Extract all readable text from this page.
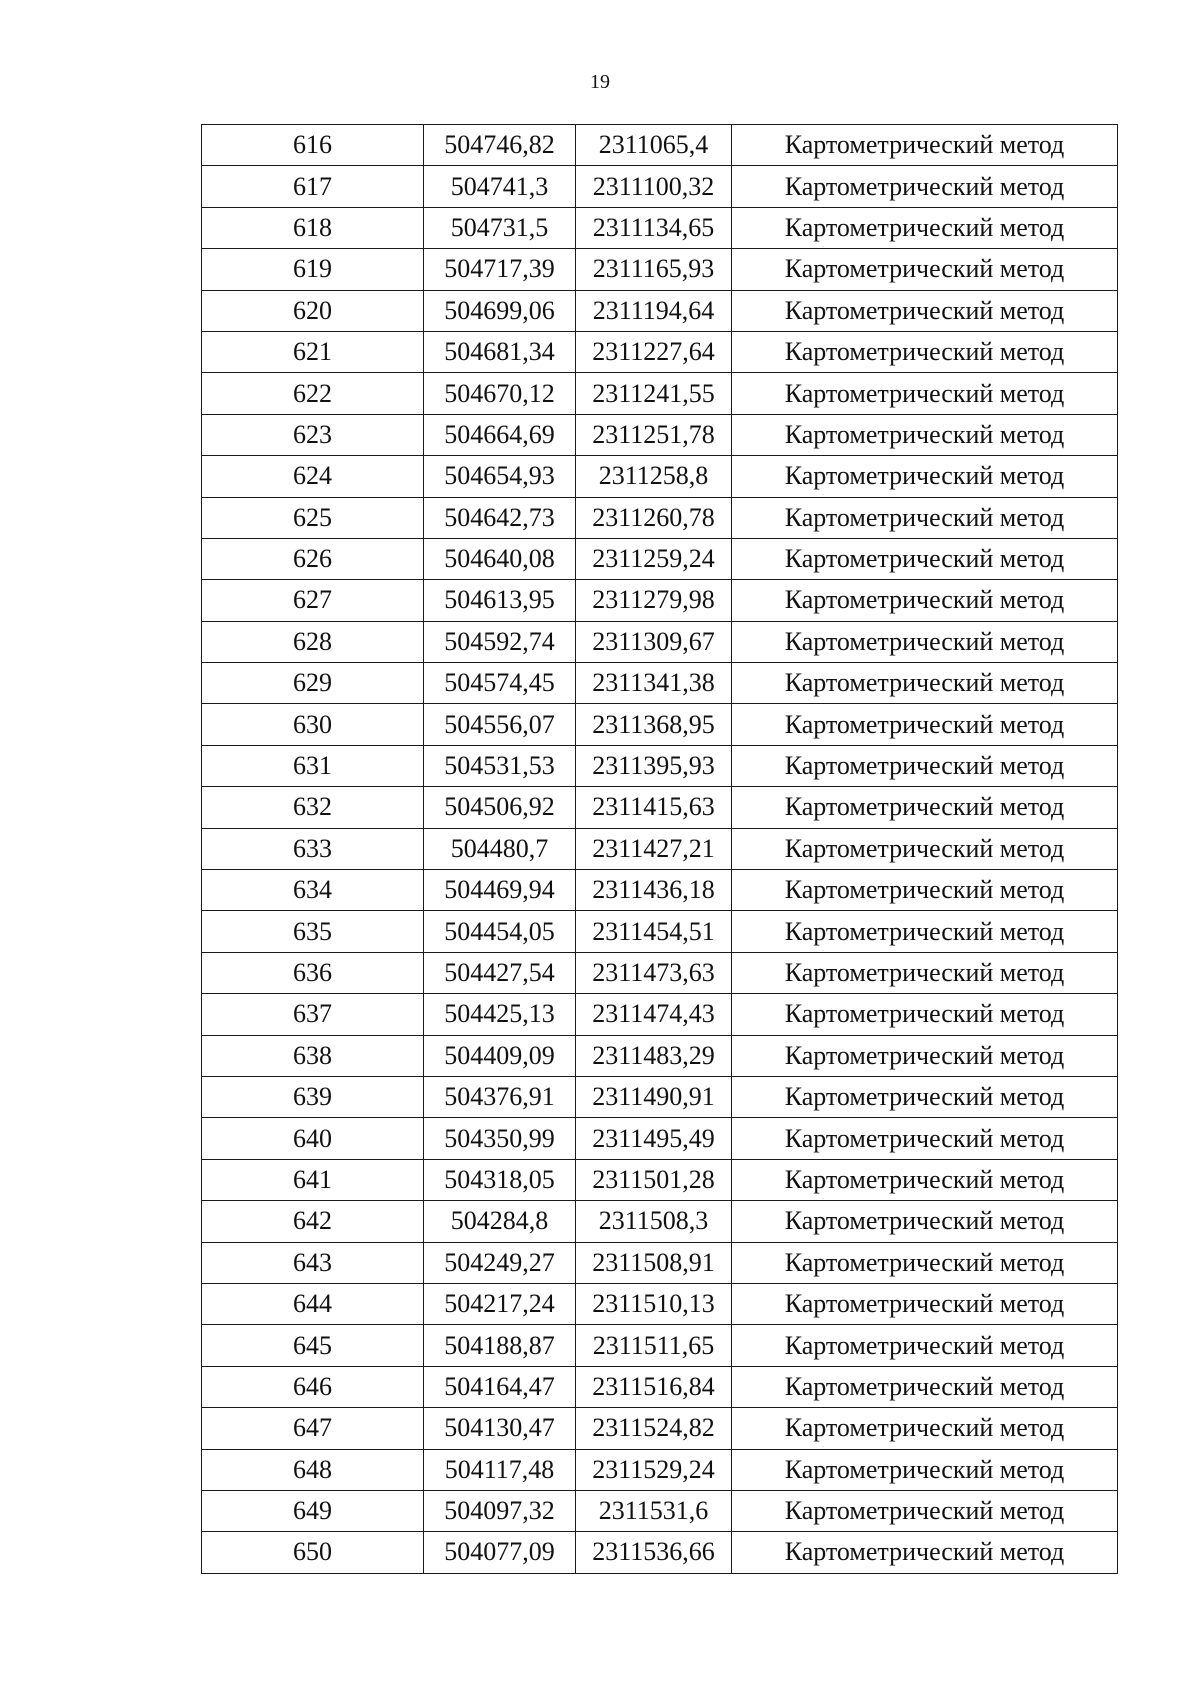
19
616	504746,82	2311065,4	Картометрический метод
617	504741,3	2311100,32	Картометрический метод
618	504731,5	2311134,65	Картометрический метод
619	504717,39	2311165,93	Картометрический метод
620	504699,06	2311194,64	Картометрический метод
621	504681,34	2311227,64	Картометрический метод
622	504670,12	2311241,55	Картометрический метод
623	504664,69	2311251,78	Картометрический метод
624	504654,93	2311258,8	Картометрический метод
625	504642,73	2311260,78	Картометрический метод
626	504640,08	2311259,24	Картометрический метод
627	504613,95	2311279,98	Картометрический метод
628	504592,74	2311309,67	Картометрический метод
629	504574,45	2311341,38	Картометрический метод
630	504556,07	2311368,95	Картометрический метод
631	504531,53	2311395,93	Картометрический метод
632	504506,92	2311415,63	Картометрический метод
633	504480,7	2311427,21	Картометрический метод
634	504469,94	2311436,18	Картометрический метод
635	504454,05	2311454,51	Картометрический метод
636	504427,54	2311473,63	Картометрический метод
637	504425,13	2311474,43	Картометрический метод
638	504409,09	2311483,29	Картометрический метод
639	504376,91	2311490,91	Картометрический метод
640	504350,99	2311495,49	Картометрический метод
641	504318,05	2311501,28	Картометрический метод
642	504284,8	2311508,3	Картометрический метод
643	504249,27	2311508,91	Картометрический метод
644	504217,24	2311510,13	Картометрический метод
645	504188,87	2311511,65	Картометрический метод
646	504164,47	2311516,84	Картометрический метод
647	504130,47	2311524,82	Картометрический метод
648	504117,48	2311529,24	Картометрический метод
649	504097,32	2311531,6	Картометрический метод
650	504077,09	2311536,66	Картометрический метод
